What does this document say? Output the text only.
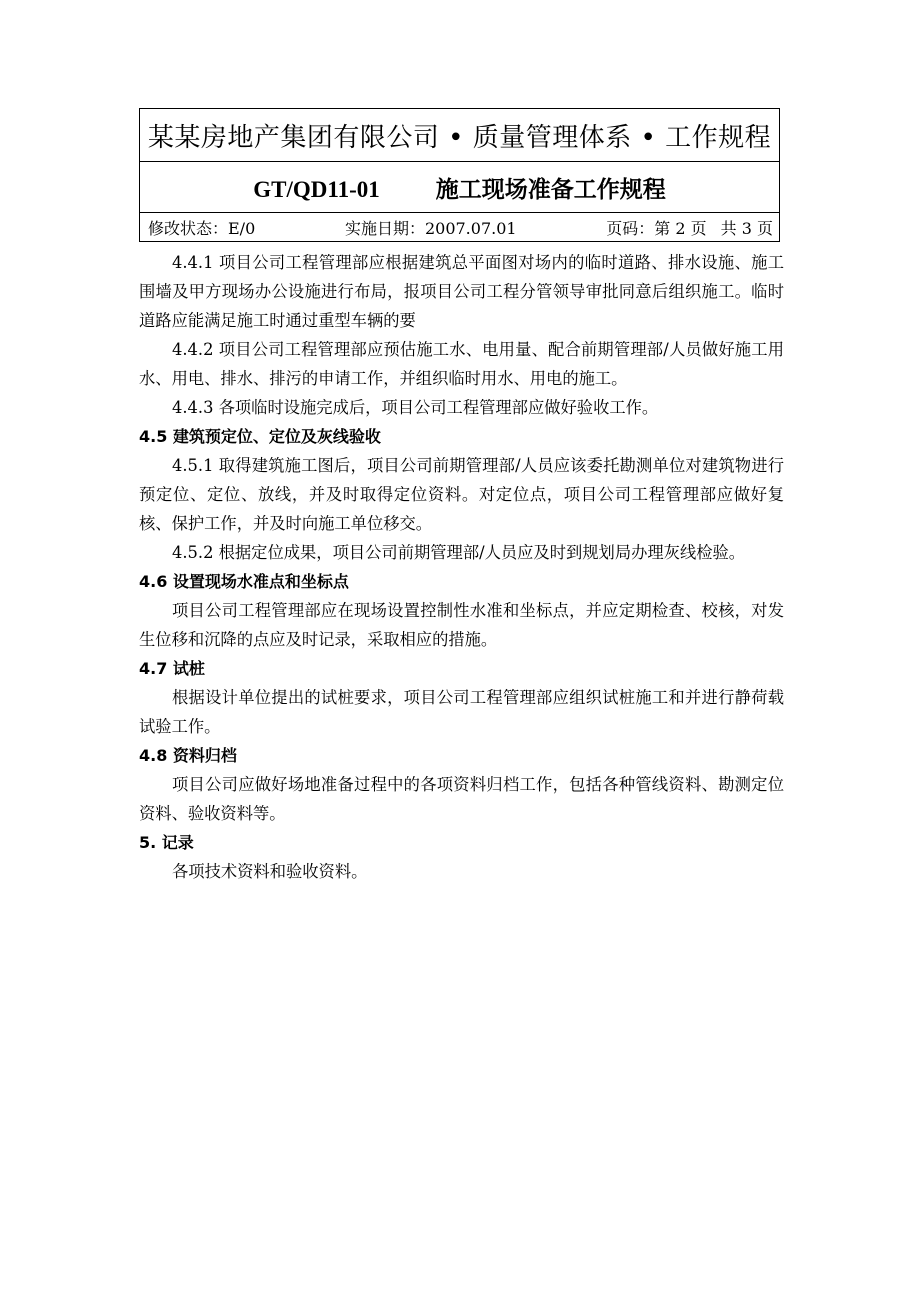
某某房地产集团有限公司 • 质量管理体系 • 工作规程
GT/QD11-01 施工现场准备工作规程

修改状态：E/0	实施日期：2007.07.01	页码：第 2 页 共 3 页

4.4.1 项目公司工程管理部应根据建筑总平面图对场内的临时道路、排水设施、施工围墙及甲方现场办公设施进行布局，报项目公司工程分管领导审批同意后组织施工。临时道路应能满足施工时通过重型车辆的要

4.4.2 项目公司工程管理部应预估施工水、电用量、配合前期管理部/人员做好施工用水、用电、排水、排污的申请工作，并组织临时用水、用电的施工。

4.4.3 各项临时设施完成后，项目公司工程管理部应做好验收工作。

4.5 建筑预定位、定位及灰线验收

4.5.1 取得建筑施工图后，项目公司前期管理部/人员应该委托勘测单位对建筑物进行预定位、定位、放线，并及时取得定位资料。对定位点，项目公司工程管理部应做好复核、保护工作，并及时向施工单位移交。

4.5.2 根据定位成果，项目公司前期管理部/人员应及时到规划局办理灰线检验。

4.6 设置现场水准点和坐标点

项目公司工程管理部应在现场设置控制性水准和坐标点，并应定期检查、校核，对发生位移和沉降的点应及时记录，采取相应的措施。

4.7 试桩

根据设计单位提出的试桩要求，项目公司工程管理部应组织试桩施工和并进行静荷载试验工作。

4.8 资料归档

项目公司应做好场地准备过程中的各项资料归档工作，包括各种管线资料、勘测定位资料、验收资料等。

5. 记录

各项技术资料和验收资料。
